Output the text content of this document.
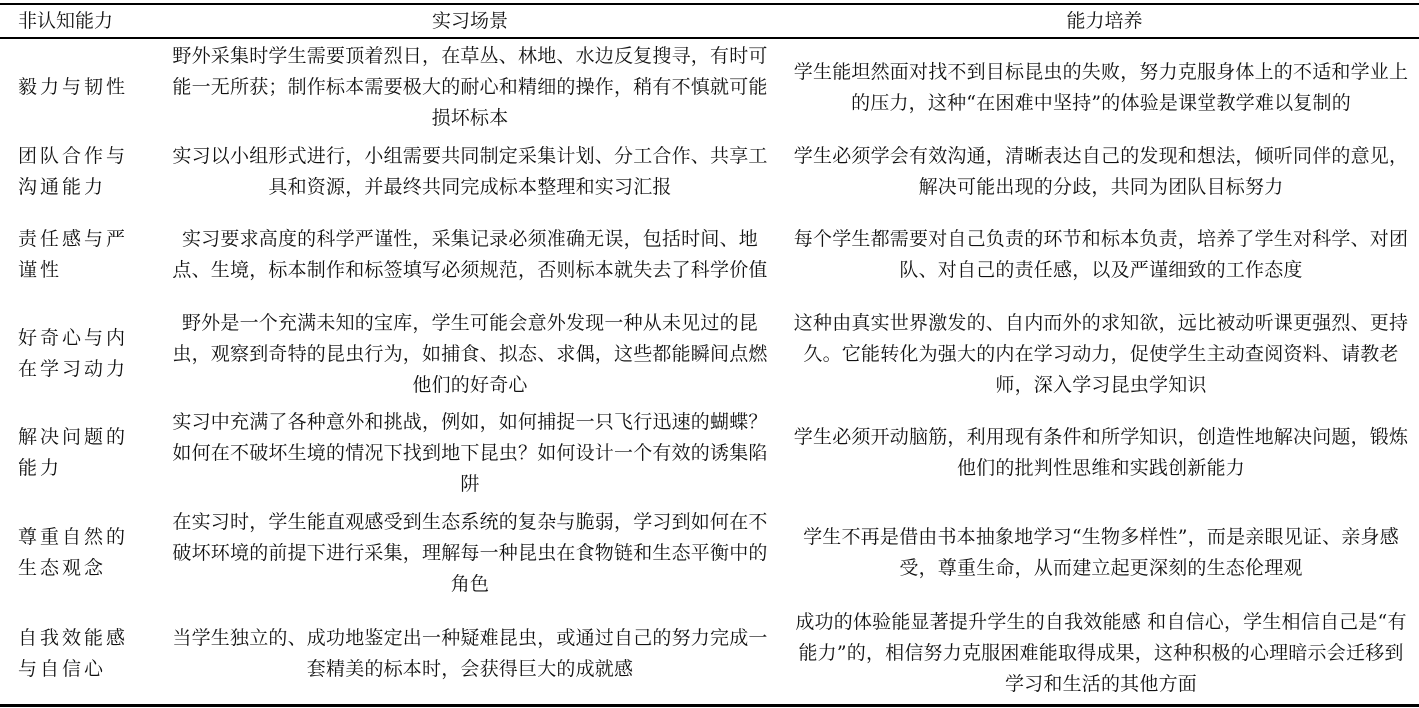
非认知能力	实习场景	能力培养
毅力与韧性
野外采集时学生需要顶着烈日，在草丛、林地、水边反复搜寻，有时可能一无所获；制作标本需要极大的耐心和精细的操作，稍有不慎就可能损坏标本
学生能坦然面对找不到目标昆虫的失败，努力克服身体上的不适和学业上的压力，这种“在困难中坚持”的体验是课堂教学难以复制的
团队合作与沟通能力
实习以小组形式进行，小组需要共同制定采集计划、分工合作、共享工具和资源，并最终共同完成标本整理和实习汇报
学生必须学会有效沟通，清晰表达自己的发现和想法，倾听同伴的意见，解决可能出现的分歧，共同为团队目标努力
责任感与严谨性
实习要求高度的科学严谨性，采集记录必须准确无误，包括时间、地点、生境，标本制作和标签填写必须规范，否则标本就失去了科学价值
每个学生都需要对自己负责的环节和标本负责，培养了学生对科学、对团队、对自己的责任感，以及严谨细致的工作态度
好奇心与内在学习动力
野外是一个充满未知的宝库，学生可能会意外发现一种从未见过的昆虫，观察到奇特的昆虫行为，如捕食、拟态、求偶，这些都能瞬间点燃他们的好奇心
这种由真实世界激发的、自内而外的求知欲，远比被动听课更强烈、更持久。它能转化为强大的内在学习动力，促使学生主动查阅资料、请教老师，深入学习昆虫学知识
解决问题的能力
实习中充满了各种意外和挑战，例如，如何捕捉一只飞行迅速的蝴蝶？如何在不破坏生境的情况下找到地下昆虫？如何设计一个有效的诱集陷阱
学生必须开动脑筋，利用现有条件和所学知识，创造性地解决问题，锻炼他们的批判性思维和实践创新能力
尊重自然的生态观念
在实习时，学生能直观感受到生态系统的复杂与脆弱，学习到如何在不破坏环境的前提下进行采集，理解每一种昆虫在食物链和生态平衡中的角色
学生不再是借由书本抽象地学习“生物多样性”，而是亲眼见证、亲身感受，尊重生命，从而建立起更深刻的生态伦理观
自我效能感与自信心
当学生独立的、成功地鉴定出一种疑难昆虫，或通过自己的努力完成一套精美的标本时，会获得巨大的成就感
成功的体验能显著提升学生的自我效能感 和自信心，学生相信自己是“有能力”的，相信努力克服困难能取得成果，这种积极的心理暗示会迁移到学习和生活的其他方面
